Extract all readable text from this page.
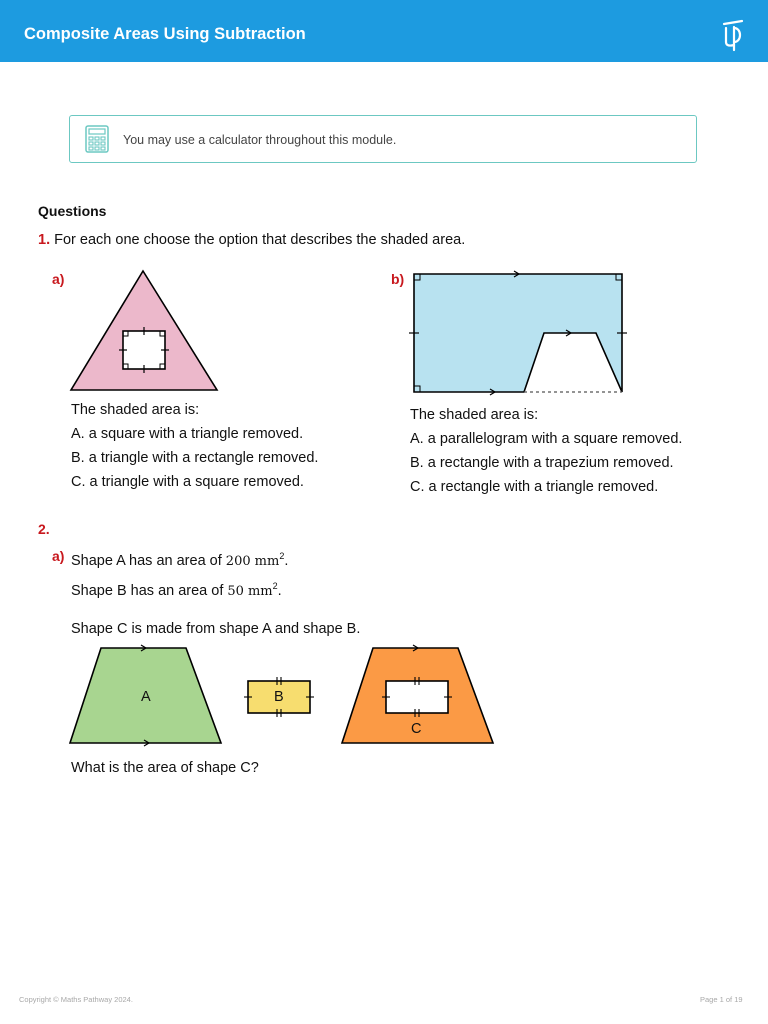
Composite Areas Using Subtraction
You may use a calculator throughout this module.
Questions
1. For each one choose the option that describes the shaded area.
a)
The shaded area is:
A. a square with a triangle removed.
B. a triangle with a rectangle removed.
C. a triangle with a square removed.
b)
The shaded area is:
A. a parallelogram with a square removed.
B. a rectangle with a trapezium removed.
C. a rectangle with a triangle removed.
2.
a) Shape A has an area of 200 $mm^2$.
Shape B has an area of 50 $mm^2$.
Shape C is made from shape A and shape B.
A	B
C
What is the area of shape C?
Copyright © Maths Pathway 2024.	Page 1 of 19
